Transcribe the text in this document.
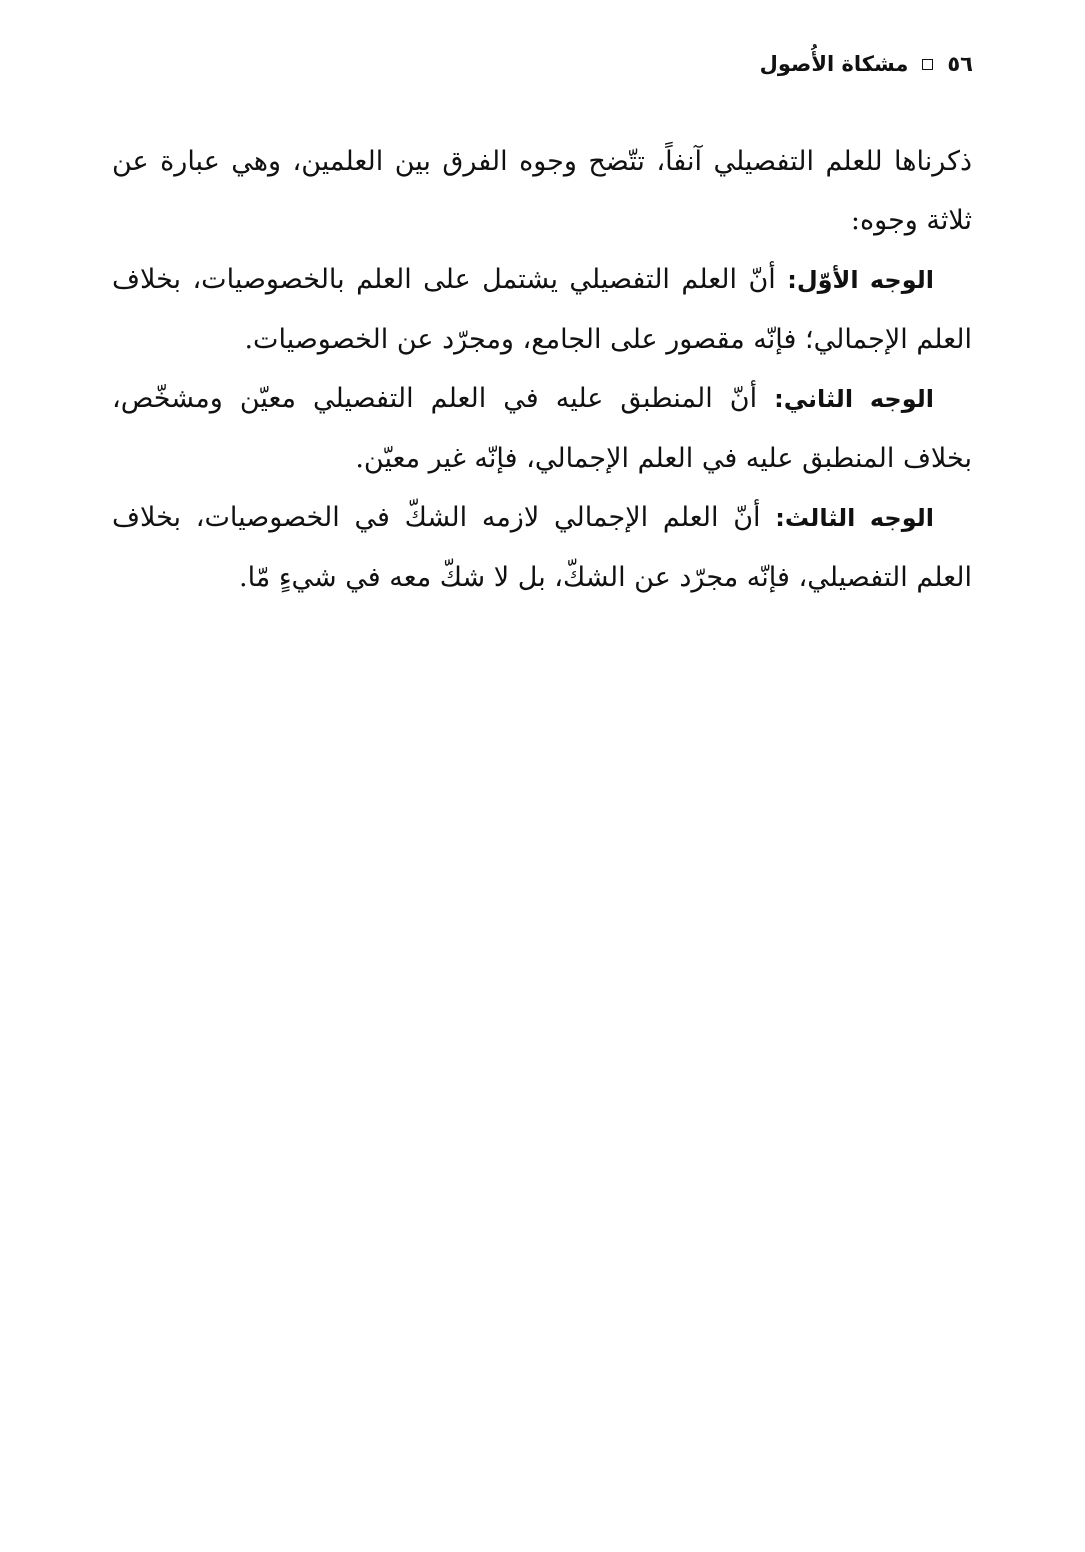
٥٦
مشكاة الأُصول

ذكرناها للعلم التفصيلي آنفاً، تتّضح وجوه الفرق بين العلمين، وهي عبارة عن ثلاثة وجوه:

الوجه الأوّل: أنّ العلم التفصيلي يشتمل على العلم بالخصوصيات، بخلاف العلم الإجمالي؛ فإنّه مقصور على الجامع، ومجرّد عن الخصوصيات.

الوجه الثاني: أنّ المنطبق عليه في العلم التفصيلي معيّن ومشخّص، بخلاف المنطبق عليه في العلم الإجمالي، فإنّه غير معيّن.

الوجه الثالث: أنّ العلم الإجمالي لازمه الشكّ في الخصوصيات، بخلاف العلم التفصيلي، فإنّه مجرّد عن الشكّ، بل لا شكّ معه في شيءٍ مّا.
